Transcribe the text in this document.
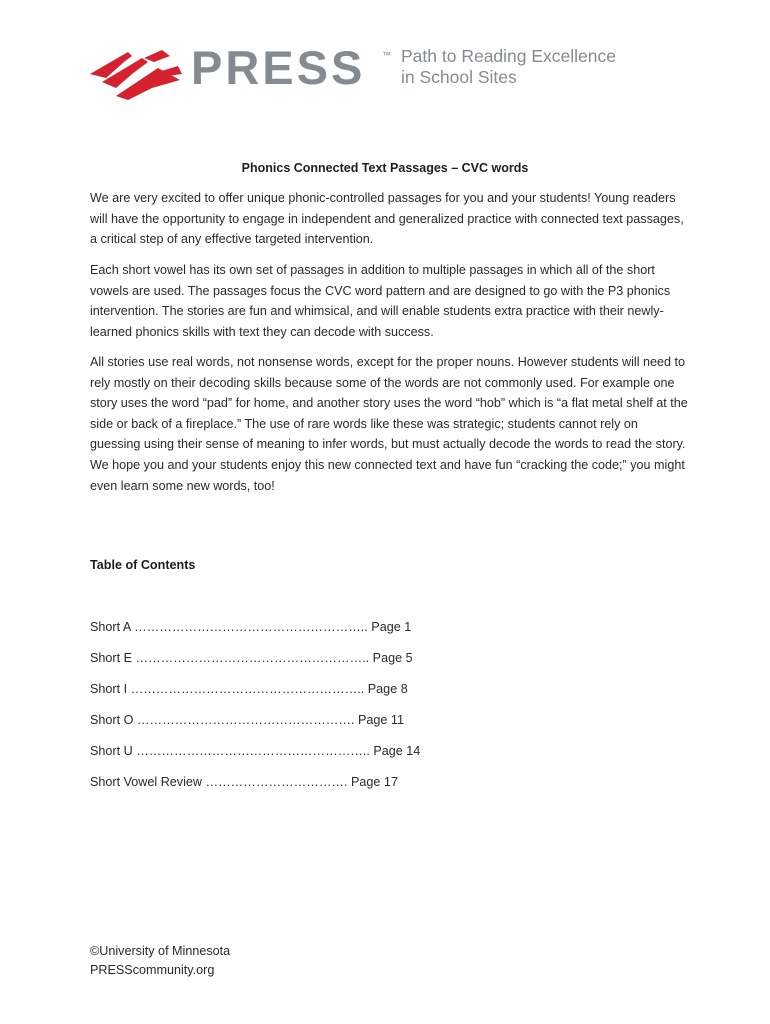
PRESS ™ Path to Reading Excellence
in School Sites
Phonics Connected Text Passages – CVC words
We are very excited to offer unique phonic-controlled passages for you and your students! Young readers will have the opportunity to engage in independent and generalized practice with connected text passages, a critical step of any effective targeted intervention.
Each short vowel has its own set of passages in addition to multiple passages in which all of the short vowels are used. The passages focus the CVC word pattern and are designed to go with the P3 phonics intervention. The stories are fun and whimsical, and will enable students extra practice with their newly-learned phonics skills with text they can decode with success.
All stories use real words, not nonsense words, except for the proper nouns. However students will need to rely mostly on their decoding skills because some of the words are not commonly used. For example one story uses the word “pad” for home, and another story uses the word “hob” which is “a flat metal shelf at the side or back of a fireplace.” The use of rare words like these was strategic; students cannot rely on guessing using their sense of meaning to infer words, but must actually decode the words to read the story. We hope you and your students enjoy this new connected text and have fun “cracking the code;” you might even learn some new words, too!
Table of Contents
Short A ……………………………………………….. Page 1
Short E ……………………………………………….. Page 5
Short I ……………………………………………….. Page 8
Short O ……………………………………………. Page 11
Short U ……………………………………………….. Page 14
Short Vowel Review ……………………………. Page 17
©University of Minnesota
PRESScommunity.org
